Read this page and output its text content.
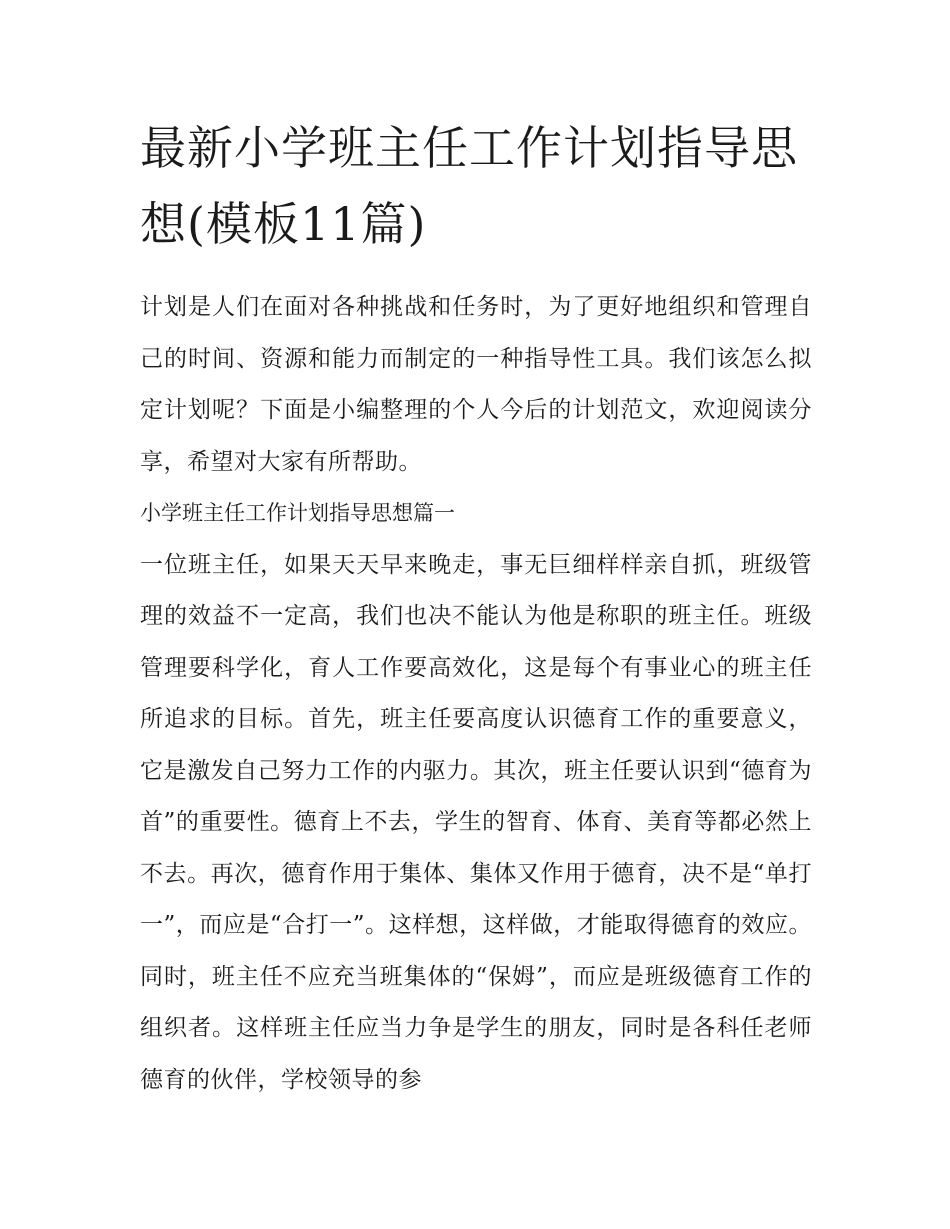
最新小学班主任工作计划指导思想(模板11篇)

计划是人们在面对各种挑战和任务时，为了更好地组织和管理自己的时间、资源和能力而制定的一种指导性工具。我们该怎么拟定计划呢？下面是小编整理的个人今后的计划范文，欢迎阅读分享，希望对大家有所帮助。

小学班主任工作计划指导思想篇一

一位班主任，如果天天早来晚走，事无巨细样样亲自抓，班级管理的效益不一定高，我们也决不能认为他是称职的班主任。班级管理要科学化，育人工作要高效化，这是每个有事业心的班主任所追求的目标。首先，班主任要高度认识德育工作的重要意义，它是激发自己努力工作的内驱力。其次，班主任要认识到“德育为首”的重要性。德育上不去，学生的智育、体育、美育等都必然上不去。再次，德育作用于集体、集体又作用于德育，决不是“单打一”，而应是“合打一”。这样想，这样做，才能取得德育的效应。同时，班主任不应充当班集体的“保姆”，而应是班级德育工作的组织者。这样班主任应当力争是学生的朋友，同时是各科任老师德育的伙伴，学校领导的参
